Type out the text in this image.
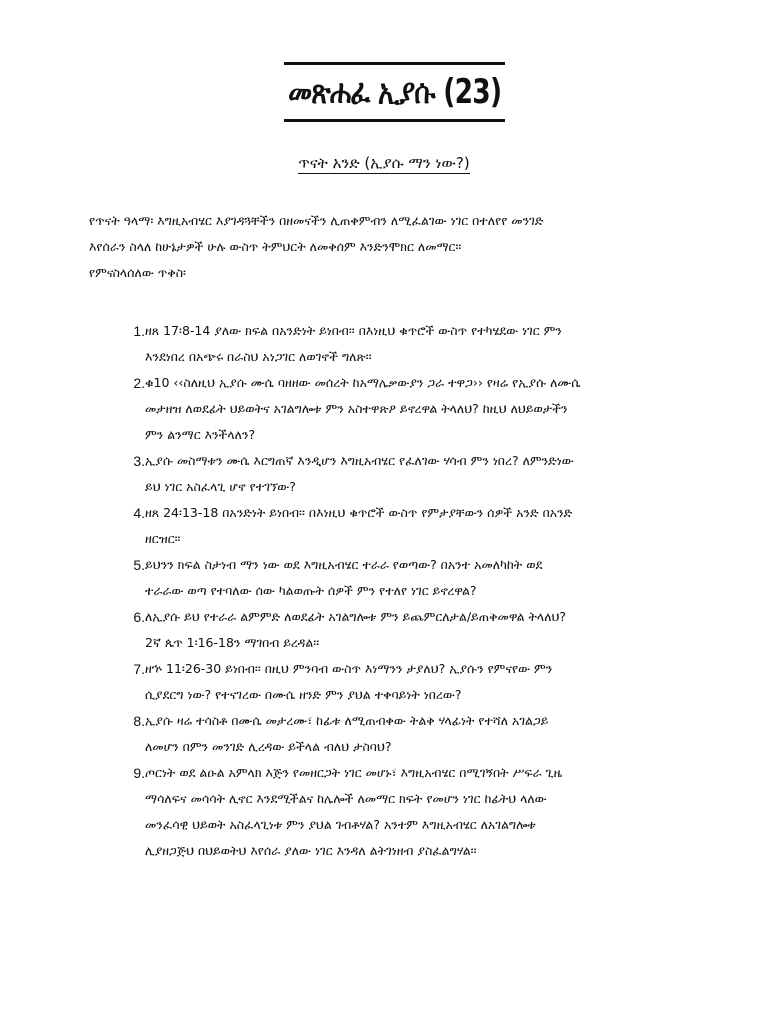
መጽሐፈ ኢያሱ (23)
ጥናት አንድ (ኢያሱ ማን ነው?)

የጥናት ዓላማ፡ እግዚአብሄር እያገዳጓቸችን በዘመናችን ሊጠቀምብን ለሚፈልገው ነገር በተለየየ መንገድ

እየሰራን ስላለ ከሁኔታዎች ሁሉ ውስጥ ትምህርት ለመቅሰም እንድንሞክር ለመማር፡፡

የምናስላሰለው ጥቅስ፡

1. ዘጸ 17፡8-14 ያለው ክፍል በአንድነት ይነበብ፡፡ በእነዚህ ቁጥሮች ውስጥ የተካሄደው ነገር ምን
እንደነበረ በአጭሩ በራስህ አነጋገር ለወገኖች ግለጽ፡፡
2. ቁ10 ‹‹ስለዚህ ኢያሱ ሙሴ ባዘዘው መሰረት ከአማሌቃውያን ጋራ ተዋጋ›› የዛሬ የኢያሱ ለሙሴ
መታዘዝ ለወደፊት ህይወትና አገልግሎቱ ምን አስተዋጽዖ ይኖረዋል ትላለህ? ከዚህ ለህይወታችን
ምን ልንማር እንችላለን?
3. ኢያሱ መስማቱን ሙሴ እርግጠኛ እንዲሆን እግዚአብሄር የፈለገው ሃሳብ ምን ነበረ? ለምንድነው
ይህ ነገር አስፈላጊ ሆኖ የተገኘው?
4. ዘጸ 24፡13-18 በአንድነት ይነበብ፡፡ በእነዚህ ቁጥሮች ውስጥ የምታያቸውን ሰዎች አንድ በአንድ
ዘርዝር፡፡
5. ይህንን ክፍል ስታነብ ማን ነው ወደ እግዚአብሄር ተራራ የወጣው? በአንተ አመለካከት ወደ
ተራራው ወጣ የተባለው ሰው ካልወጡት ሰዎች ምን የተለየ ነገር ይኖረዋል?
6. ለኢያሱ ይህ የተራራ ልምምድ ለወደፊት አገልግሎቱ ምን ይጨምርለታል/ይጠቅመዋል ትላለህ?
2ኛ ጴጥ 1፡16-18ን ማገበብ ይረዳል፡፡
7. ዘኍ 11፡26-30 ይነበብ፡፡ በዚህ ምንባብ ውስጥ እነማንን ታያለህ? ኢያሱን የምናየው ምን
ሲያደርግ ነው? የተናገረው በሙሴ ዘንድ ምን ያህል ተቀባይነት ነበረው?
8. ኢያሱ ዛሬ ተሳስቶ በሙሴ መታረሙ፣ ከፊቱ ለሚጠብቀው ትልቅ ሃላፊነት የተሻለ አገልጋይ
ለመሆን በምን መንገድ ሊረዳው ይችላል ብለህ ታስባህ?
9. ጦርነት ወደ ልዑል አምላክ እጅን የመዘርጋት ነገር መሆኑ፣ እግዚአብሄር በሚገኝበት ሥፍራ ጊዜ
ማሳለፍና መሳሳት ሊኖር እንደሚችልና ከሌሎች ለመማር ክፍት የመሆን ነገር ከፊትህ ላለው
መንፈሳዊ ህይወት አስፈላጊነቱ ምን ያህል ገብቶሃል? አንተም እግዚአብሄር ለአገልግሎቱ
ሊያዘጋጅህ በህይወትህ እየሰራ ያለው ነገር እንዳለ ልትገነዘብ ያስፈልግሃል፡፡
